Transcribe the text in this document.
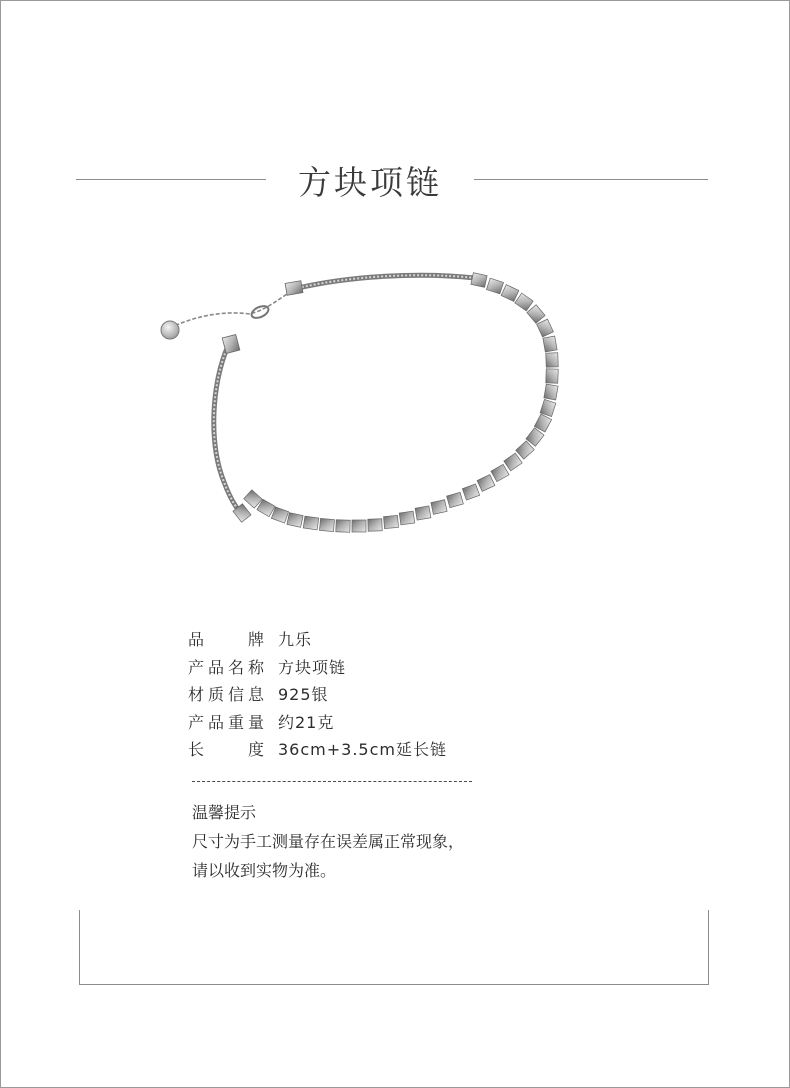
方块项链
品牌 九乐
产品名称 方块项链
材质信息 925银
产品重量 约21克
长度 36cm+3.5cm延长链
温馨提示
尺寸为手工测量存在误差属正常现象，
请以收到实物为准。
